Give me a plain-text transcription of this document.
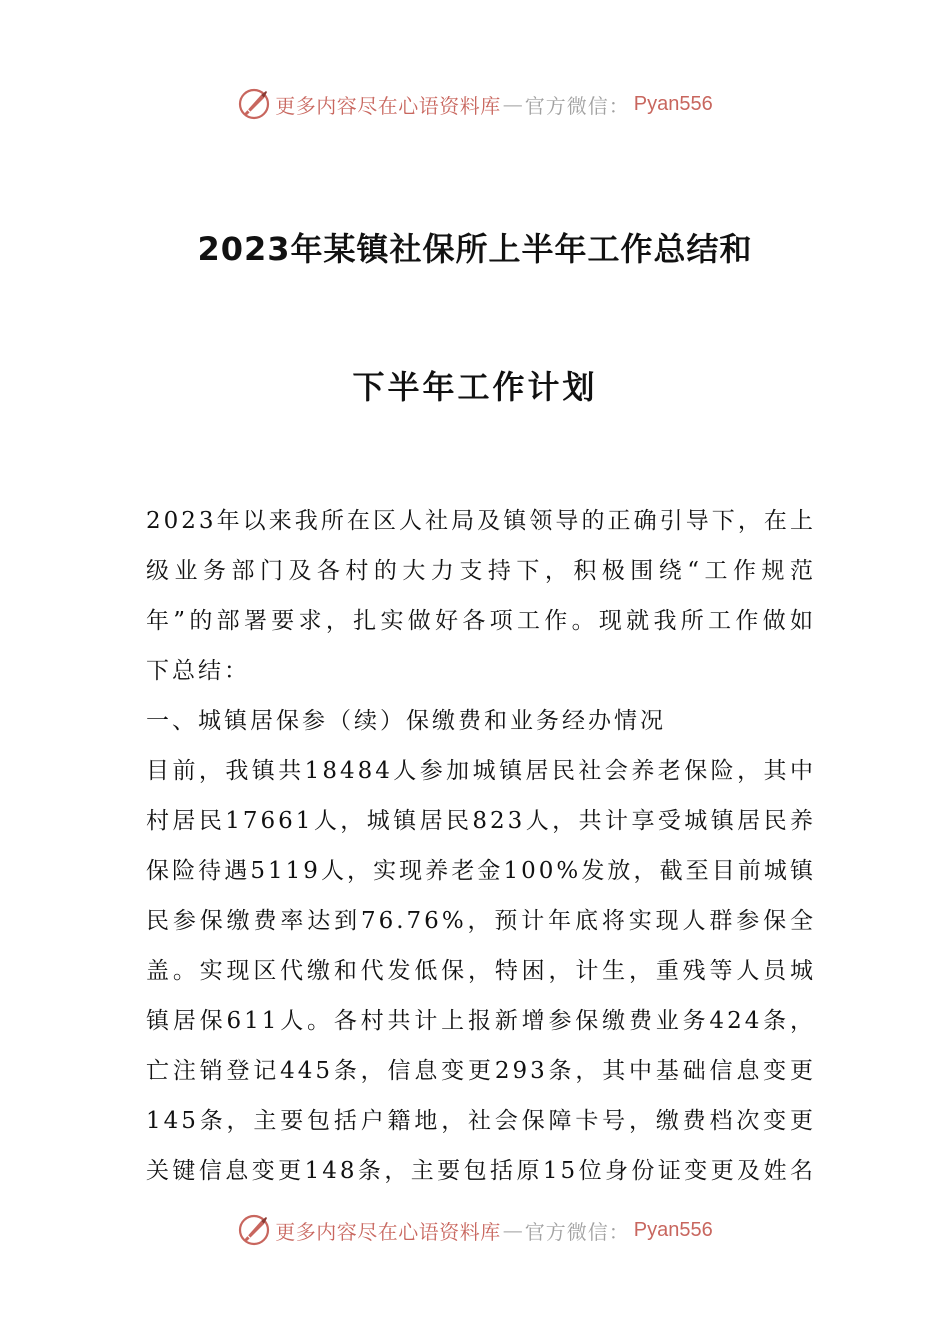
更多内容尽在心语资料库 — 官方微信： Pyan556
2023年某镇社保所上半年工作总结和
下半年工作计划
2023年以来我所在区人社局及镇领导的正确引导下，在上
级业务部门及各村的大力支持下，积极围绕“工作规范
年”的部署要求，扎实做好各项工作。现就我所工作做如
下总结：
一、城镇居保参（续）保缴费和业务经办情况
目前，我镇共18484人参加城镇居民社会养老保险，其中
村居民17661人，城镇居民823人，共计享受城镇居民养
保险待遇5119人，实现养老金100%发放，截至目前城镇
民参保缴费率达到76.76%，预计年底将实现人群参保全
盖。实现区代缴和代发低保，特困，计生，重残等人员城
镇居保611人。各村共计上报新增参保缴费业务424条，
亡注销登记445条，信息变更293条，其中基础信息变更
145条，主要包括户籍地，社会保障卡号，缴费档次变更
关键信息变更148条，主要包括原15位身份证变更及姓名
更多内容尽在心语资料库 — 官方微信： Pyan556
